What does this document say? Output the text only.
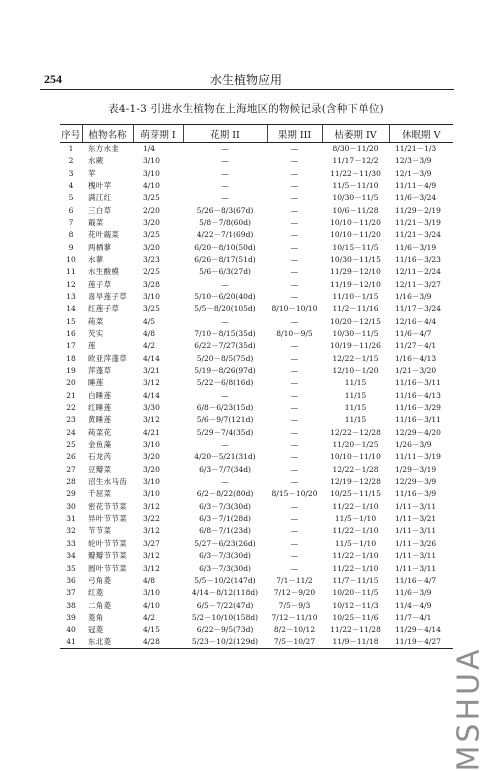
254	水生植物应用
表4-1-3 引进水生植物在上海地区的物候记录(含种下单位)
序号	植物名称	萌芽期 I	花期 II	果期 III	枯萎期 IV	休眠期 V
1	东方水韭	1/4	—	—	8/30－11/20	11/21－1/3
2	水蕨	3/10	—	—	11/17－12/2	12/3－3/9
3	苹	3/10	—	—	11/22－11/30	12/1－3/9
4	槐叶苹	4/10	—	—	11/5－11/10	11/11－4/9
5	满江红	3/25	—	—	10/30－11/5	11/6－3/24
6	三白草	2/20	5/26－8/3(67d)	—	10/6－11/28	11/29－2/19
7	蕺菜	3/20	5/8－7/8(60d)	—	10/10－11/20	11/21－3/19
8	花叶蕺菜	3/25	4/22－7/1(69d)	—	10/10－11/20	11/21－3/24
9	两栖蓼	3/20	6/20－8/10(50d)	—	10/15－11/5	11/6－3/19
10	水蓼	3/23	6/26－8/17(51d)	—	10/30－11/15	11/16－3/23
11	水生酸模	2/25	5/6－6/3(27d)	—	11/29－12/10	12/11－2/24
12	莲子草	3/28	—	—	11/19－12/10	12/11－3/27
13	喜旱莲子草	3/10	5/10－6/20(40d)	—	11/10－1/15	1/16－3/9
14	红莲子草	3/25	5/5－8/20(105d)	8/10－10/10	11/2－11/16	11/17－3/24
15	莼菜	4/5	—	—	10/20－12/15	12/16－4/4
16	芡实	4/8	7/10－8/15(35d)	8/10－9/5	10/30－11/5	11/6－4/7
17	莲	4/2	6/22－7/27(35d)	—	10/19－11/26	11/27－4/1
18	欧亚萍蓬草	4/14	5/20－8/5(75d)	—	12/22－1/15	1/16－4/13
19	萍蓬草	3/21	5/19－8/26(97d)	—	12/10－1/20	1/21－3/20
20	睡莲	3/12	5/22－6/8(16d)	—	11/15	11/16－3/11
21	白睡莲	4/14	—	—	11/15	11/16－4/13
22	红睡莲	3/30	6/8－6/23(15d)	—	11/15	11/16－3/29
23	黄睡莲	3/12	5/6－9/7(121d)	—	11/15	11/16－3/11
24	莼菜花	4/21	5/29－7/4(35d)	—	12/22－12/28	12/29－4/20
25	金鱼藻	3/10	—	—	11/20－1/25	1/26－3/9
26	石龙芮	3/20	4/20－5/21(31d)	—	10/10－11/10	11/11－3/19
27	豆瓣菜	3/20	6/3－7/7(34d)	—	12/22－1/28	1/29－3/19
28	沼生水马齿	3/10	—	—	12/19－12/28	12/29－3/9
29	千屈菜	3/10	6/2－8/22(80d)	8/15－10/20	10/25－11/15	11/16－3/9
30	密花节节菜	3/12	6/3－7/3(30d)	—	11/22－1/10	1/11－3/11
31	异叶节节菜	3/22	6/3－7/1(28d)	—	11/5－1/10	1/11－3/21
32	节节菜	3/12	6/8－7/1(23d)	—	11/22－1/10	1/11－3/11
33	轮叶节节菜	3/27	5/27－6/23(26d)	—	11/5－1/10	1/11－3/26
34	瓣瓣节节菜	3/12	6/3－7/3(30d)	—	11/22－1/10	1/11－3/11
35	圆叶节节菜	3/12	6/3－7/3(30d)	—	11/22－1/10	1/11－3/11
36	弓角菱	4/8	5/5－10/2(147d)	7/1－11/2	11/7－11/15	11/16－4/7
37	红菱	3/10	4/14－8/12(118d)	7/12－9/20	10/20－11/5	11/6－3/9
38	二角菱	4/10	6/5－7/22(47d)	7/5－9/3	10/12－11/3	11/4－4/9
39	菱角	4/2	5/2－10/10(158d)	7/12－11/10	10/25－11/6	11/7－4/1
40	冠菱	4/15	6/22－9/5(73d)	8/2－10/12	11/22－11/28	11/29－4/14
41	东北菱	4/28	5/23－10/2(129d)	7/5－10/27	11/9－11/18	11/19－4/27
MSHUA
